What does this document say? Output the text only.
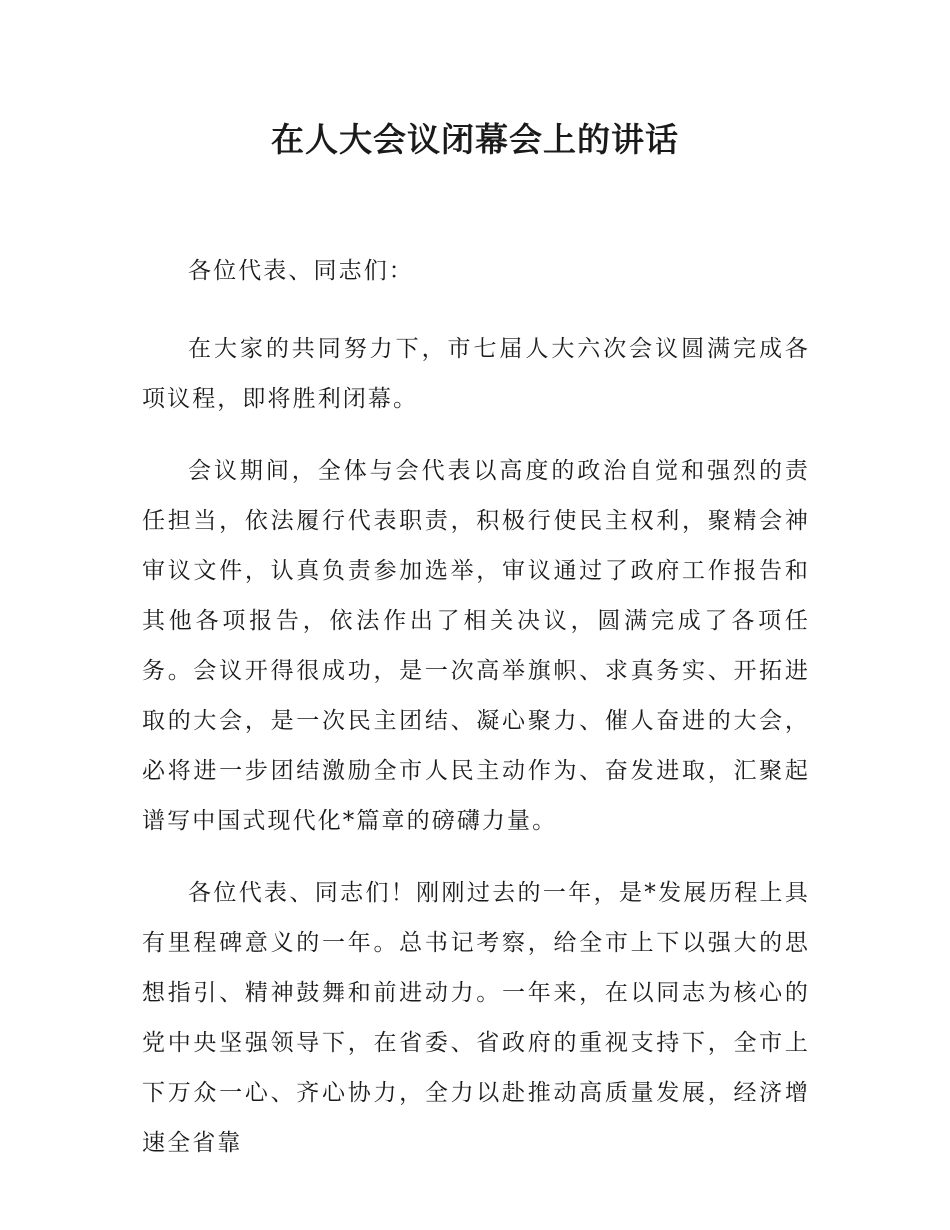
在人大会议闭幕会上的讲话

各位代表、同志们：

在大家的共同努力下，市七届人大六次会议圆满完成各项议程，即将胜利闭幕。

会议期间，全体与会代表以高度的政治自觉和强烈的责任担当，依法履行代表职责，积极行使民主权利，聚精会神审议文件，认真负责参加选举，审议通过了政府工作报告和其他各项报告，依法作出了相关决议，圆满完成了各项任务。会议开得很成功，是一次高举旗帜、求真务实、开拓进取的大会，是一次民主团结、凝心聚力、催人奋进的大会，必将进一步团结激励全市人民主动作为、奋发进取，汇聚起谱写中国式现代化*篇章的磅礴力量。

各位代表、同志们！刚刚过去的一年，是*发展历程上具有里程碑意义的一年。总书记考察，给全市上下以强大的思想指引、精神鼓舞和前进动力。一年来，在以同志为核心的党中央坚强领导下，在省委、省政府的重视支持下，全市上下万众一心、齐心协力，全力以赴推动高质量发展，经济增速全省靠
